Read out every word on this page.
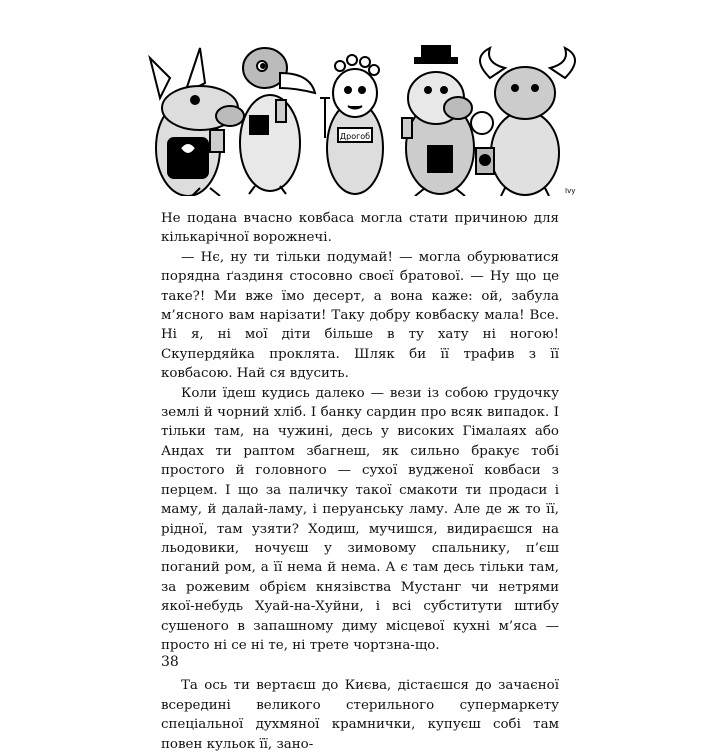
Дрогоб
Ivy

Не подана вчасно ковбаса могла стати причиною для кількарічної ворожнечі.

— Нє, ну ти тільки подумай! — могла обурюватися порядна ґаздиня стосовно своєї братової. — Ну що це таке?! Ми вже їмо десерт, а вона каже: ой, забула м’ясного вам нарізати! Таку добру ковбаску мала! Все. Ні я, ні мої діти більше в ту хату ні ногою! Скупердяйка проклята. Шляк би її трафив з її ковбасою. Най ся вдусить.

Коли їдеш кудись далеко — вези із собою грудочку землі й чорний хліб. І банку сардин про всяк випадок. І тільки там, на чужині, десь у високих Гімалаях або Андах ти раптом збагнеш, як сильно бракує тобі простого й головного — сухої вудженої ковбаси з перцем. І що за паличку такої смакоти ти продаси і маму, й далай-ламу, і перуанську ламу. Але де ж то її, рідної, там узяти? Ходиш, мучишся, видираєшся на льодовики, ночуєш у зимовому спальнику, п’єш поганий ром, а її нема й нема. А є там десь тільки там, за рожевим обрієм князівства Мустанг чи нетрями якої-небудь Хуай-на-Хуйни, і всі субститути штибу сушеного в запашному диму місцевої кухні м’яса — просто ні се ні те, ні трете чортзна-що.

Та ось ти вертаєш до Києва, дістаєшся до зачаєної всередині великого стерильного супермаркету спеціальної духмяної крамнички, купуєш собі там повен кульок її, зано-

38
